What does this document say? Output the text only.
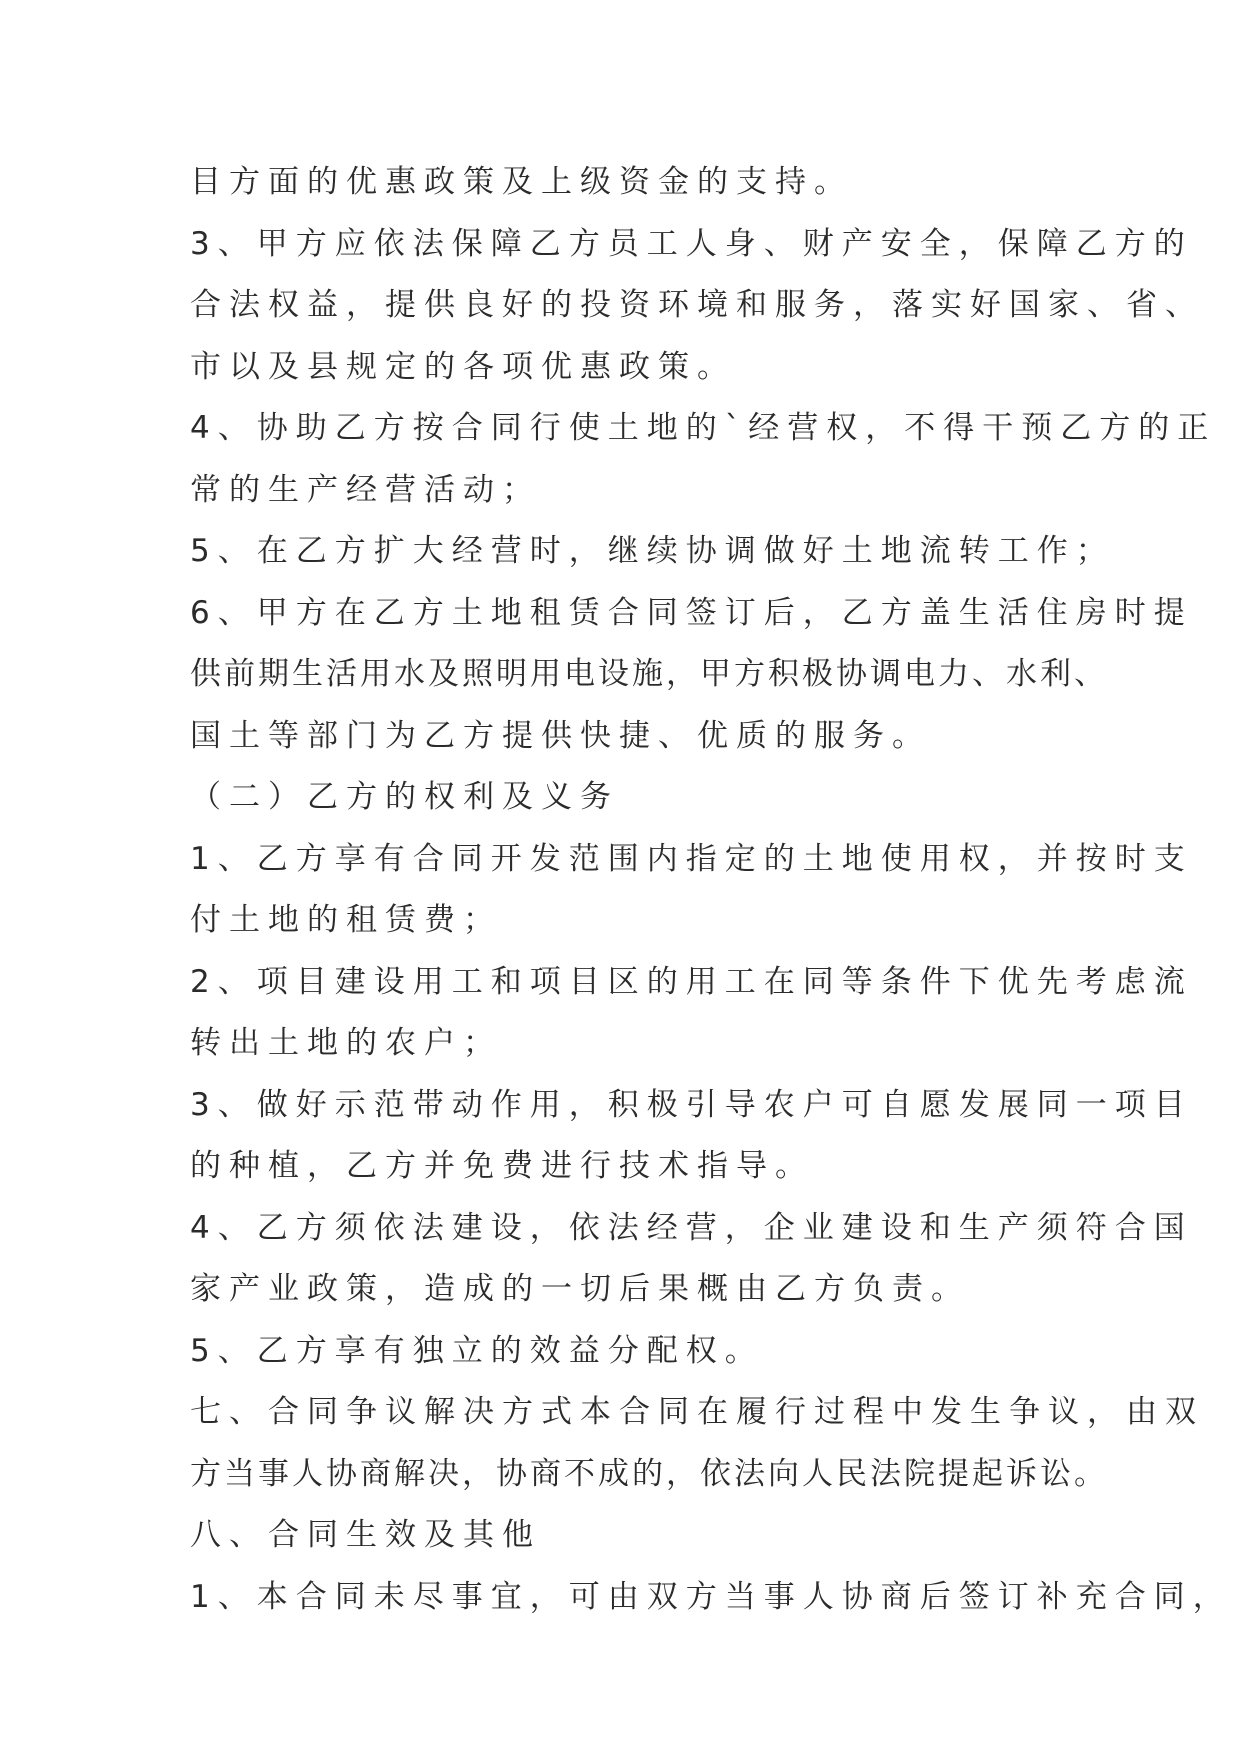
目方面的优惠政策及上级资金的支持。
3、甲方应依法保障乙方员工人身、财产安全，保障乙方的
合法权益，提供良好的投资环境和服务，落实好国家、省、
市以及县规定的各项优惠政策。
4、协助乙方按合同行使土地的`经营权，不得干预乙方的正
常的生产经营活动；
5、在乙方扩大经营时，继续协调做好土地流转工作；
6、甲方在乙方土地租赁合同签订后，乙方盖生活住房时提
供前期生活用水及照明用电设施，甲方积极协调电力、水利、
国土等部门为乙方提供快捷、优质的服务。
（二）乙方的权利及义务
1、乙方享有合同开发范围内指定的土地使用权，并按时支
付土地的租赁费；
2、项目建设用工和项目区的用工在同等条件下优先考虑流
转出土地的农户；
3、做好示范带动作用，积极引导农户可自愿发展同一项目
的种植，乙方并免费进行技术指导。
4、乙方须依法建设，依法经营，企业建设和生产须符合国
家产业政策，造成的一切后果概由乙方负责。
5、乙方享有独立的效益分配权。
七、合同争议解决方式本合同在履行过程中发生争议，由双
方当事人协商解决，协商不成的，依法向人民法院提起诉讼。
八、合同生效及其他
1、本合同未尽事宜，可由双方当事人协商后签订补充合同，
